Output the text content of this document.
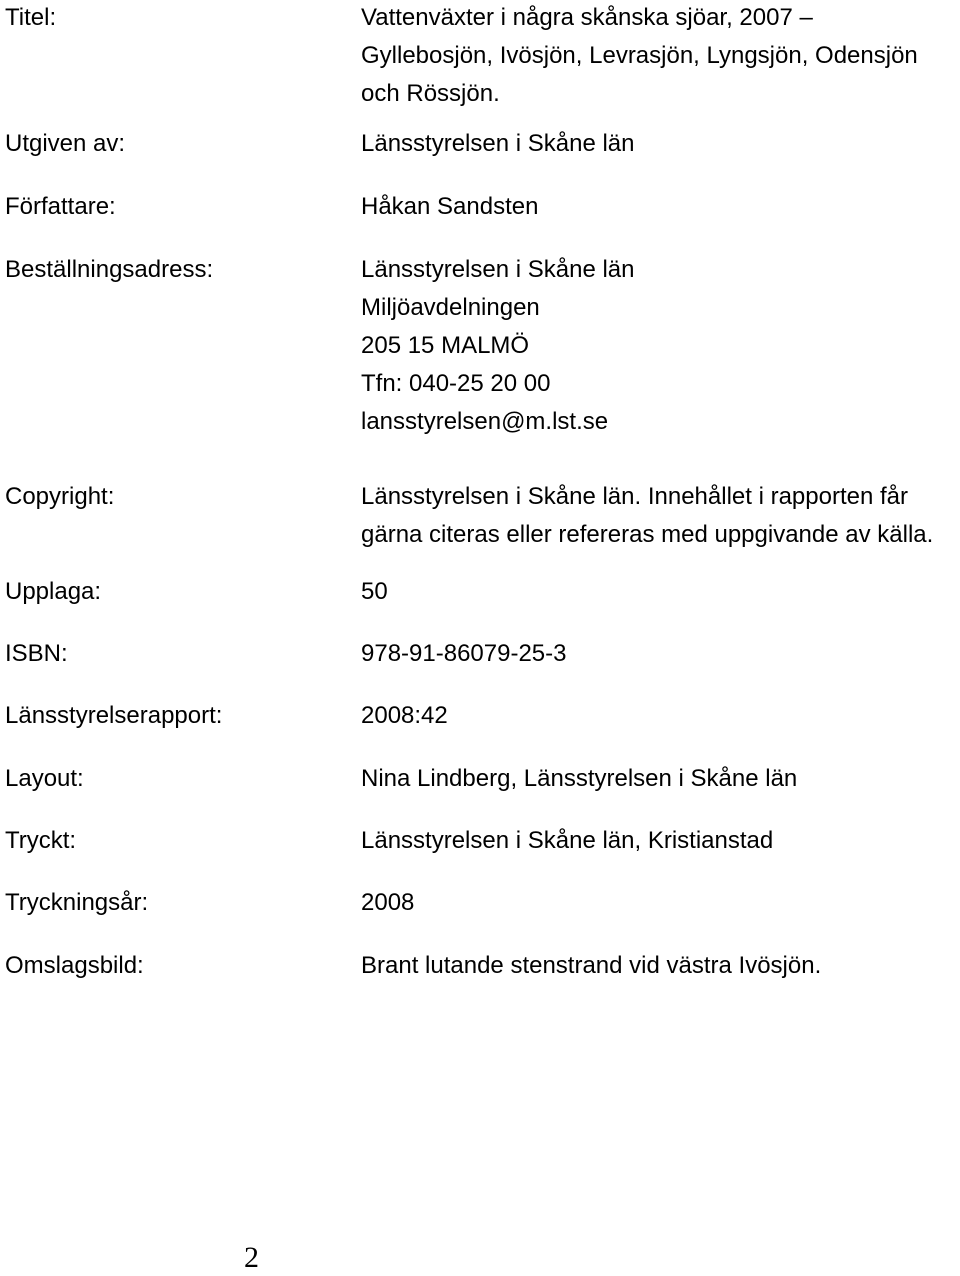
Titel:	Vattenväxter i några skånska sjöar, 2007 –
Gyllebosjön, Ivösjön, Levrasjön, Lyngsjön, Odensjön
och Rössjön.
Utgiven av:	Länsstyrelsen i Skåne län
Författare:	Håkan Sandsten
Beställningsadress:	Länsstyrelsen i Skåne län
Miljöavdelningen
205 15 MALMÖ
Tfn: 040-25 20 00
lansstyrelsen@m.lst.se
Copyright:	Länsstyrelsen i Skåne län. Innehållet i rapporten får
gärna citeras eller refereras med uppgivande av källa.
Upplaga:	50
ISBN:	978-91-86079-25-3
Länsstyrelserapport:	2008:42
Layout:	Nina Lindberg, Länsstyrelsen i Skåne län
Tryckt:	Länsstyrelsen i Skåne län, Kristianstad
Tryckningsår:	2008
Omslagsbild:	Brant lutande stenstrand vid västra Ivösjön.
2
